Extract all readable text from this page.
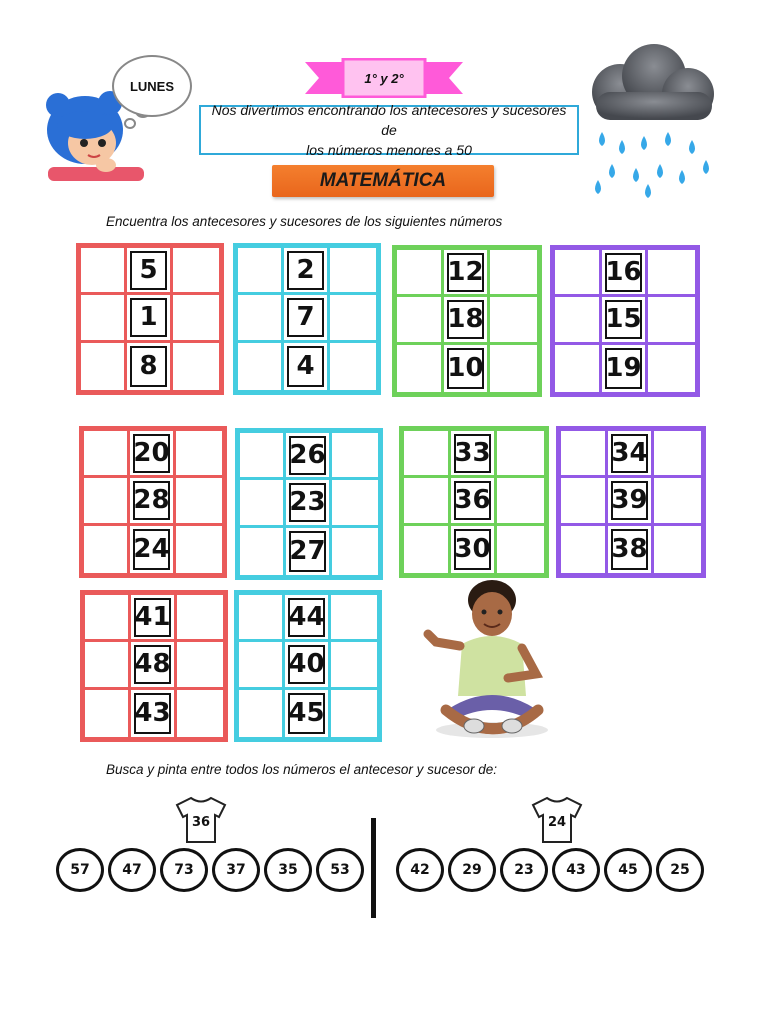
LUNES
1° y 2°
Nos divertimos encontrando los antecesores y sucesores de
los números menores a 50
MATEMÁTICA
Encuentra los antecesores y sucesores de los siguientes números
5
1
8
2
7
4
12
18
10
16
15
19
20
28
24
26
23
27
33
36
30
34
39
38
41
48
43
44
40
45
Busca y pinta entre todos los números el antecesor y sucesor de:
36	24
57	47	73	37	35	53	42	29	23	43	45	25
